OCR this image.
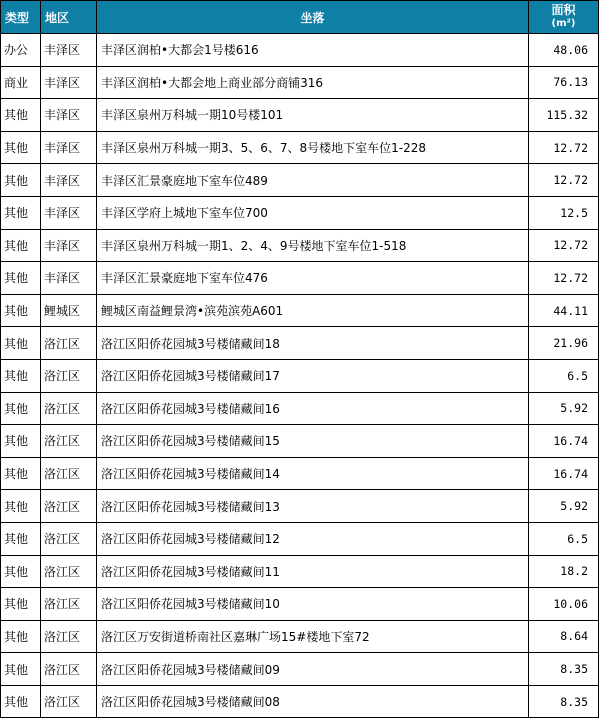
类型	地区	坐落	面积
(m²)

办公	丰泽区	丰泽区润柏•大都会1号楼616	48.06
商业	丰泽区	丰泽区润柏•大都会地上商业部分商铺316	76.13
其他	丰泽区	丰泽区泉州万科城一期10号楼101	115.32
其他	丰泽区	丰泽区泉州万科城一期3、5、6、7、8号楼地下室车位1-228	12.72
其他	丰泽区	丰泽区汇景豪庭地下室车位489	12.72
其他	丰泽区	丰泽区学府上城地下室车位700	12.5
其他	丰泽区	丰泽区泉州万科城一期1、2、4、9号楼地下室车位1-518	12.72
其他	丰泽区	丰泽区汇景豪庭地下室车位476	12.72
其他	鲤城区	鲤城区南益鲤景湾•滨苑滨苑A601	44.11
其他	洛江区	洛江区阳侨花园城3号楼储藏间18	21.96
其他	洛江区	洛江区阳侨花园城3号楼储藏间17	6.5
其他	洛江区	洛江区阳侨花园城3号楼储藏间16	5.92
其他	洛江区	洛江区阳侨花园城3号楼储藏间15	16.74
其他	洛江区	洛江区阳侨花园城3号楼储藏间14	16.74
其他	洛江区	洛江区阳侨花园城3号楼储藏间13	5.92
其他	洛江区	洛江区阳侨花园城3号楼储藏间12	6.5
其他	洛江区	洛江区阳侨花园城3号楼储藏间11	18.2
其他	洛江区	洛江区阳侨花园城3号楼储藏间10	10.06
其他	洛江区	洛江区万安街道桥南社区嘉琳广场15#楼地下室72	8.64
其他	洛江区	洛江区阳侨花园城3号楼储藏间09	8.35
其他	洛江区	洛江区阳侨花园城3号楼储藏间08	8.35
